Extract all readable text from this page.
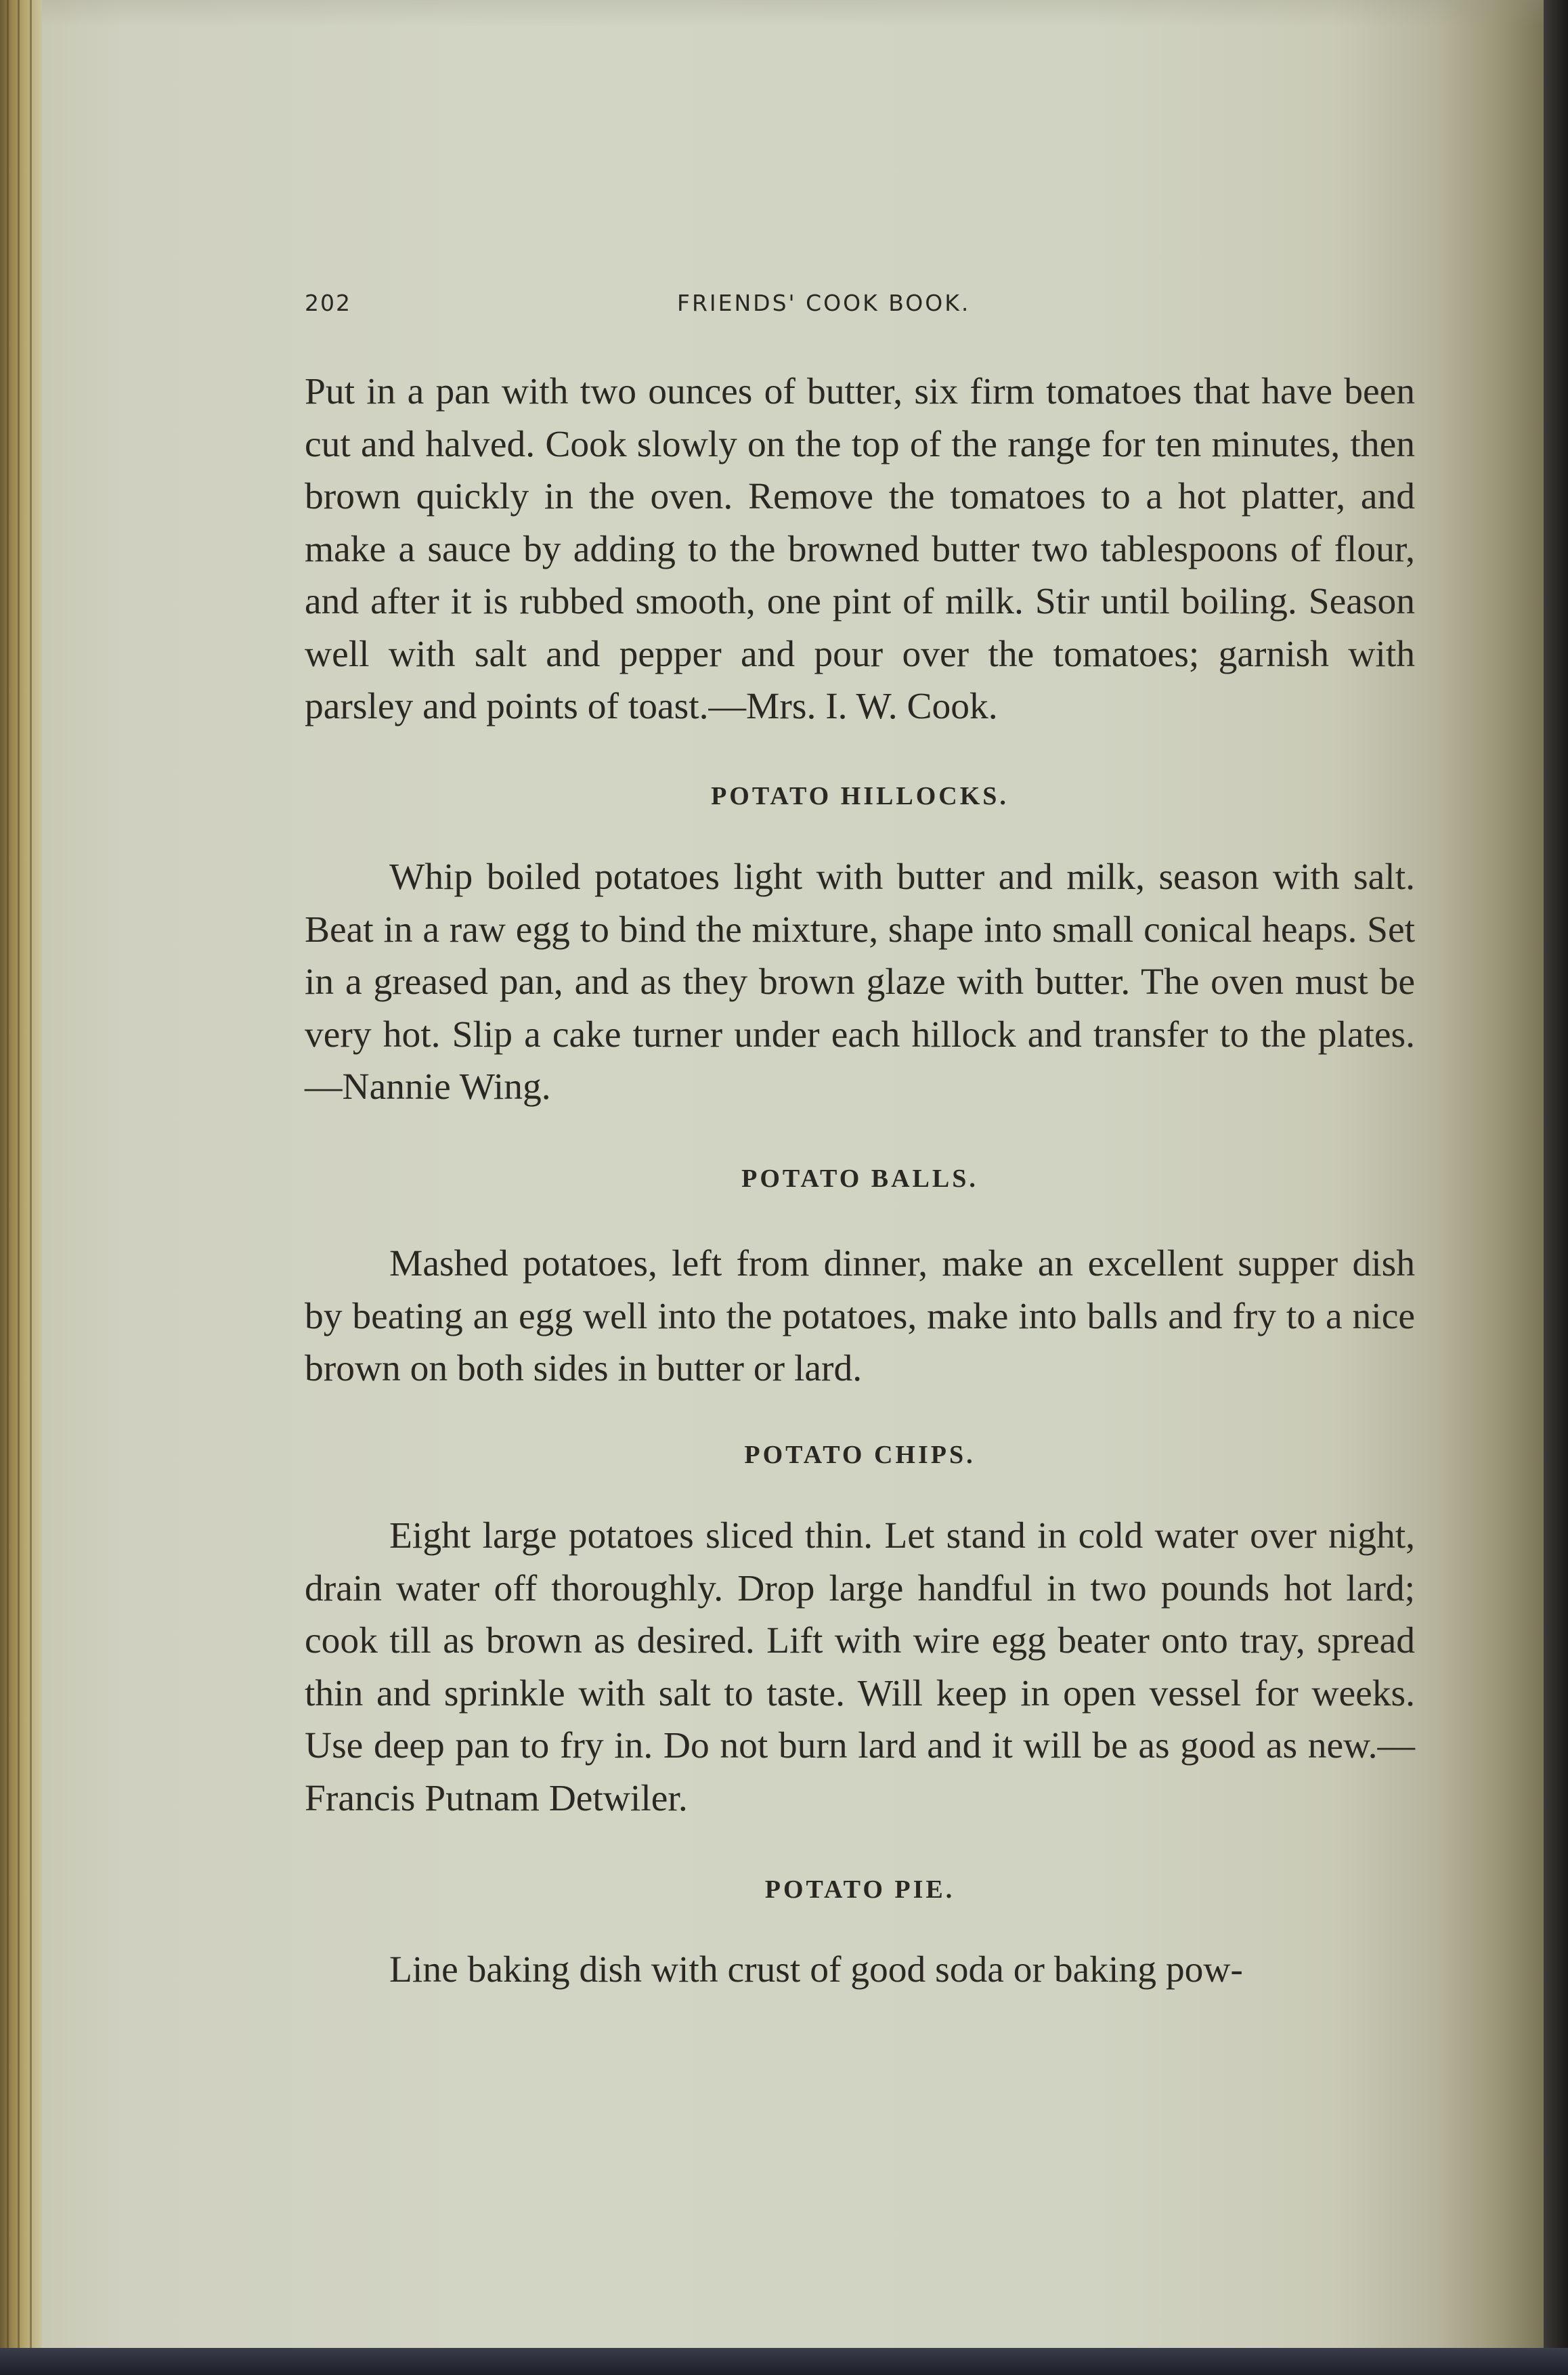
202	FRIENDS' COOK BOOK.

Put in a pan with two ounces of butter, six firm tomatoes that have been cut and halved. Cook slowly on the top of the range for ten minutes, then brown quickly in the oven. Remove the tomatoes to a hot platter, and make a sauce by adding to the browned butter two tablespoons of flour, and after it is rubbed smooth, one pint of milk. Stir until boiling. Season well with salt and pepper and pour over the tomatoes; garnish with parsley and points of toast.—Mrs. I. W. Cook.

POTATO HILLOCKS.

Whip boiled potatoes light with butter and milk, season with salt. Beat in a raw egg to bind the mixture, shape into small conical heaps. Set in a greased pan, and as they brown glaze with butter. The oven must be very hot. Slip a cake turner under each hillock and transfer to the plates.—Nannie Wing.

POTATO BALLS.

Mashed potatoes, left from dinner, make an excellent supper dish by beating an egg well into the potatoes, make into balls and fry to a nice brown on both sides in butter or lard.

POTATO CHIPS.

Eight large potatoes sliced thin. Let stand in cold water over night, drain water off thoroughly. Drop large handful in two pounds hot lard; cook till as brown as desired. Lift with wire egg beater onto tray, spread thin and sprinkle with salt to taste. Will keep in open vessel for weeks. Use deep pan to fry in. Do not burn lard and it will be as good as new.—Francis Putnam Detwiler.

POTATO PIE.

Line baking dish with crust of good soda or baking pow-
